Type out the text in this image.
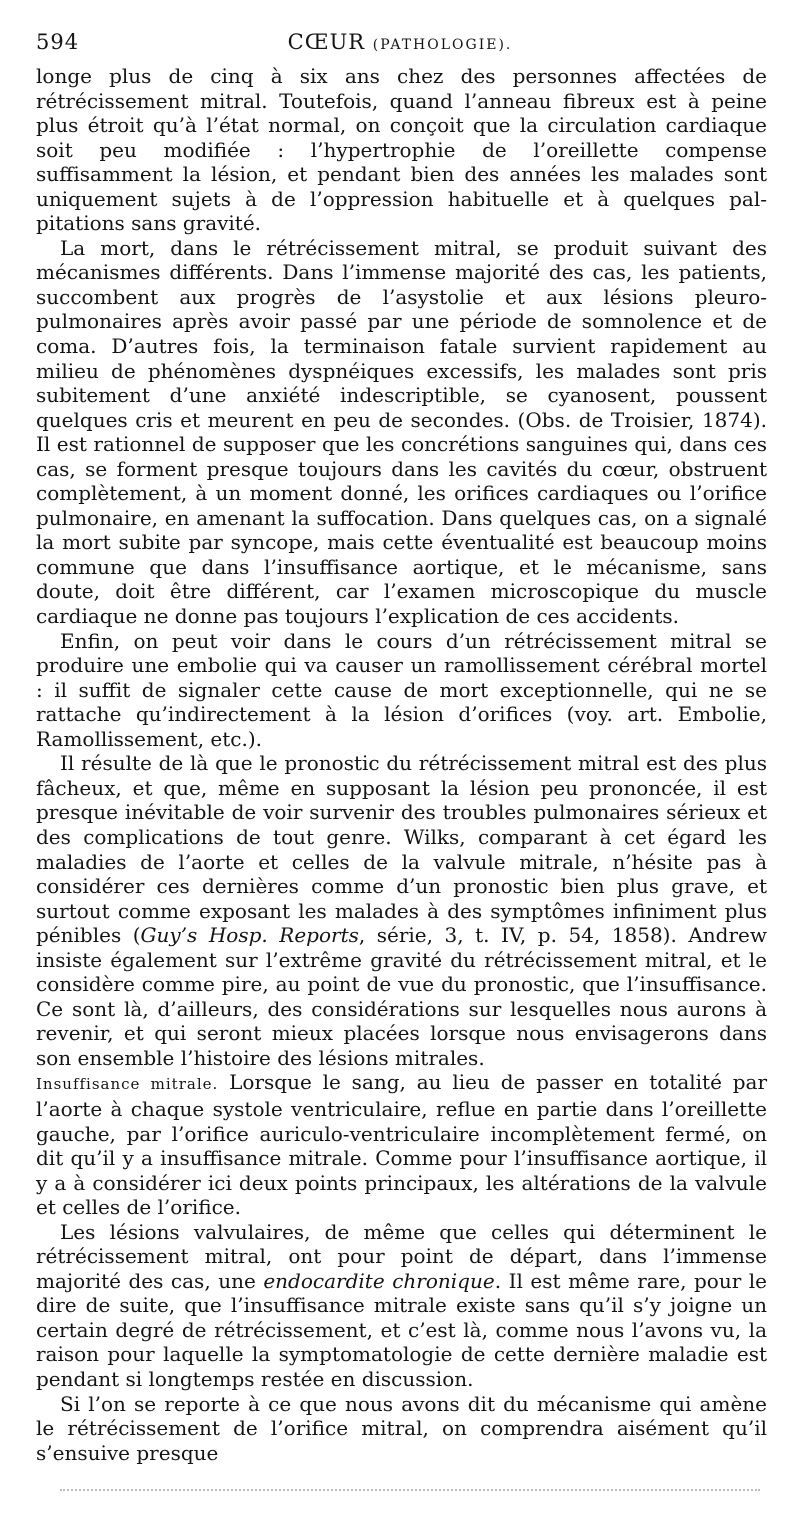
594	CŒUR (PATHOLOGIE).

longe plus de cinq à six ans chez des personnes affectées de rétrécissement mitral. Toutefois, quand l’anneau fibreux est à peine plus étroit qu’à l’état normal, on conçoit que la circulation cardiaque soit peu modifiée : l’hypertrophie de l’oreillette compense suffisamment la lésion, et pendant bien des années les malades sont uniquement sujets à de l’oppression habituelle et à quelques palpitations sans gravité.

La mort, dans le rétrécissement mitral, se produit suivant des mécanismes différents. Dans l’immense majorité des cas, les patients, succombent aux progrès de l’asystolie et aux lésions pleuro-pulmonaires après avoir passé par une période de somnolence et de coma. D’autres fois, la terminaison fatale survient rapidement au milieu de phénomènes dyspnéiques excessifs, les malades sont pris subitement d’une anxiété indescriptible, se cyanosent, poussent quelques cris et meurent en peu de secondes. (Obs. de Troisier, 1874). Il est rationnel de supposer que les concrétions sanguines qui, dans ces cas, se forment presque toujours dans les cavités du cœur, obstruent complètement, à un moment donné, les orifices cardiaques ou l’orifice pulmonaire, en amenant la suffocation. Dans quelques cas, on a signalé la mort subite par syncope, mais cette éventualité est beaucoup moins commune que dans l’insuffisance aortique, et le mécanisme, sans doute, doit être différent, car l’examen microscopique du muscle cardiaque ne donne pas toujours l’explication de ces accidents.

Enfin, on peut voir dans le cours d’un rétrécissement mitral se produire une embolie qui va causer un ramollissement cérébral mortel : il suffit de signaler cette cause de mort exceptionnelle, qui ne se rattache qu’indirectement à la lésion d’orifices (voy. art. Embolie, Ramollissement, etc.).

Il résulte de là que le pronostic du rétrécissement mitral est des plus fâcheux, et que, même en supposant la lésion peu prononcée, il est presque inévitable de voir survenir des troubles pulmonaires sérieux et des complications de tout genre. Wilks, comparant à cet égard les maladies de l’aorte et celles de la valvule mitrale, n’hésite pas à considérer ces dernières comme d’un pronostic bien plus grave, et surtout comme exposant les malades à des symptômes infiniment plus pénibles (Guy’s Hosp. Reports, série, 3, t. IV, p. 54, 1858). Andrew insiste également sur l’extrême gravité du rétrécissement mitral, et le considère comme pire, au point de vue du pronostic, que l’insuffisance. Ce sont là, d’ailleurs, des considérations sur lesquelles nous aurons à revenir, et qui seront mieux placées lorsque nous envisagerons dans son ensemble l’histoire des lésions mitrales.

Insuffisance mitrale. Lorsque le sang, au lieu de passer en totalité par l’aorte à chaque systole ventriculaire, reflue en partie dans l’oreillette gauche, par l’orifice auriculo-ventriculaire incomplètement fermé, on dit qu’il y a insuffisance mitrale. Comme pour l’insuffisance aortique, il y a à considérer ici deux points principaux, les altérations de la valvule et celles de l’orifice.

Les lésions valvulaires, de même que celles qui déterminent le rétrécissement mitral, ont pour point de départ, dans l’immense majorité des cas, une endocardite chronique. Il est même rare, pour le dire de suite, que l’insuffisance mitrale existe sans qu’il s’y joigne un certain degré de rétrécissement, et c’est là, comme nous l’avons vu, la raison pour laquelle la symptomatologie de cette dernière maladie est pendant si longtemps restée en discussion.

Si l’on se reporte à ce que nous avons dit du mécanisme qui amène le rétrécissement de l’orifice mitral, on comprendra aisément qu’il s’ensuive presque
